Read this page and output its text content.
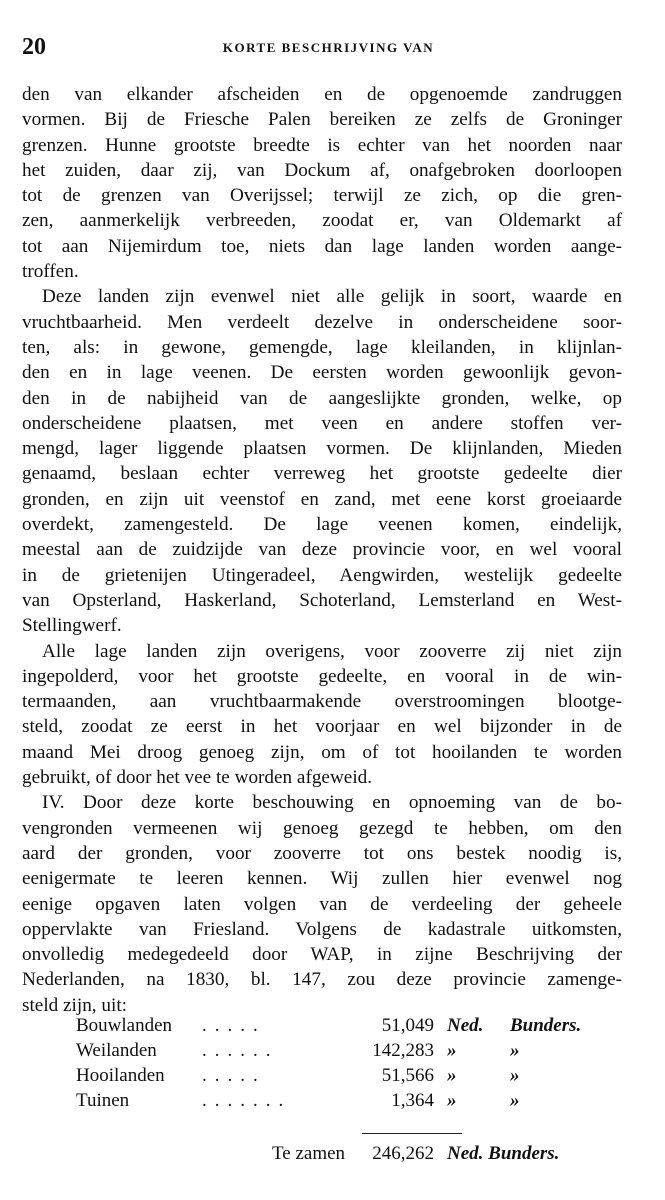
20	KORTE BESCHRIJVING VAN
den van elkander afscheiden en de opgenoemde zandruggen
vormen. Bij de Friesche Palen bereiken ze zelfs de Groninger
grenzen. Hunne grootste breedte is echter van het noorden naar
het zuiden, daar zij, van Dockum af, onafgebroken doorloopen
tot de grenzen van Overijssel; terwijl ze zich, op die gren-
zen, aanmerkelijk verbreeden, zoodat er, van Oldemarkt af
tot aan Nijemirdum toe, niets dan lage landen worden aange-
troffen.
Deze landen zijn evenwel niet alle gelijk in soort, waarde en
vruchtbaarheid. Men verdeelt dezelve in onderscheidene soor-
ten, als: in gewone, gemengde, lage kleilanden, in klijnlan-
den en in lage veenen. De eersten worden gewoonlijk gevon-
den in de nabijheid van de aangeslijkte gronden, welke, op
onderscheidene plaatsen, met veen en andere stoffen ver-
mengd, lager liggende plaatsen vormen. De klijnlanden, Mieden
genaamd, beslaan echter verreweg het grootste gedeelte dier
gronden, en zijn uit veenstof en zand, met eene korst groeiaarde
overdekt, zamengesteld. De lage veenen komen, eindelijk,
meestal aan de zuidzijde van deze provincie voor, en wel vooral
in de grietenijen Utingeradeel, Aengwirden, westelijk gedeelte
van Opsterland, Haskerland, Schoterland, Lemsterland en West-
Stellingwerf.
Alle lage landen zijn overigens, voor zooverre zij niet zijn
ingepolderd, voor het grootste gedeelte, en vooral in de win-
termaanden, aan vruchtbaarmakende overstroomingen blootge-
steld, zoodat ze eerst in het voorjaar en wel bijzonder in de
maand Mei droog genoeg zijn, om of tot hooilanden te worden
gebruikt, of door het vee te worden afgeweid.
IV. Door deze korte beschouwing en opnoeming van de bo-
vengronden vermeenen wij genoeg gezegd te hebben, om den
aard der gronden, voor zooverre tot ons bestek noodig is,
eenigermate te leeren kennen. Wij zullen hier evenwel nog
eenige opgaven laten volgen van de verdeeling der geheele
oppervlakte van Friesland. Volgens de kadastrale uitkomsten,
onvolledig medegedeeld door WAP, in zijne Beschrijving der
Nederlanden, na 1830, bl. 147, zou deze provincie zamenge-
steld zijn, uit:
Bouwlanden .....	51,049 Ned. Bunders.
Weilanden ......	142,283 »	»
Hooilanden .....	51,566 »	»
Tuinen	.......	1,364 »	»
Te zamen 246,262 Ned. Bunders.
